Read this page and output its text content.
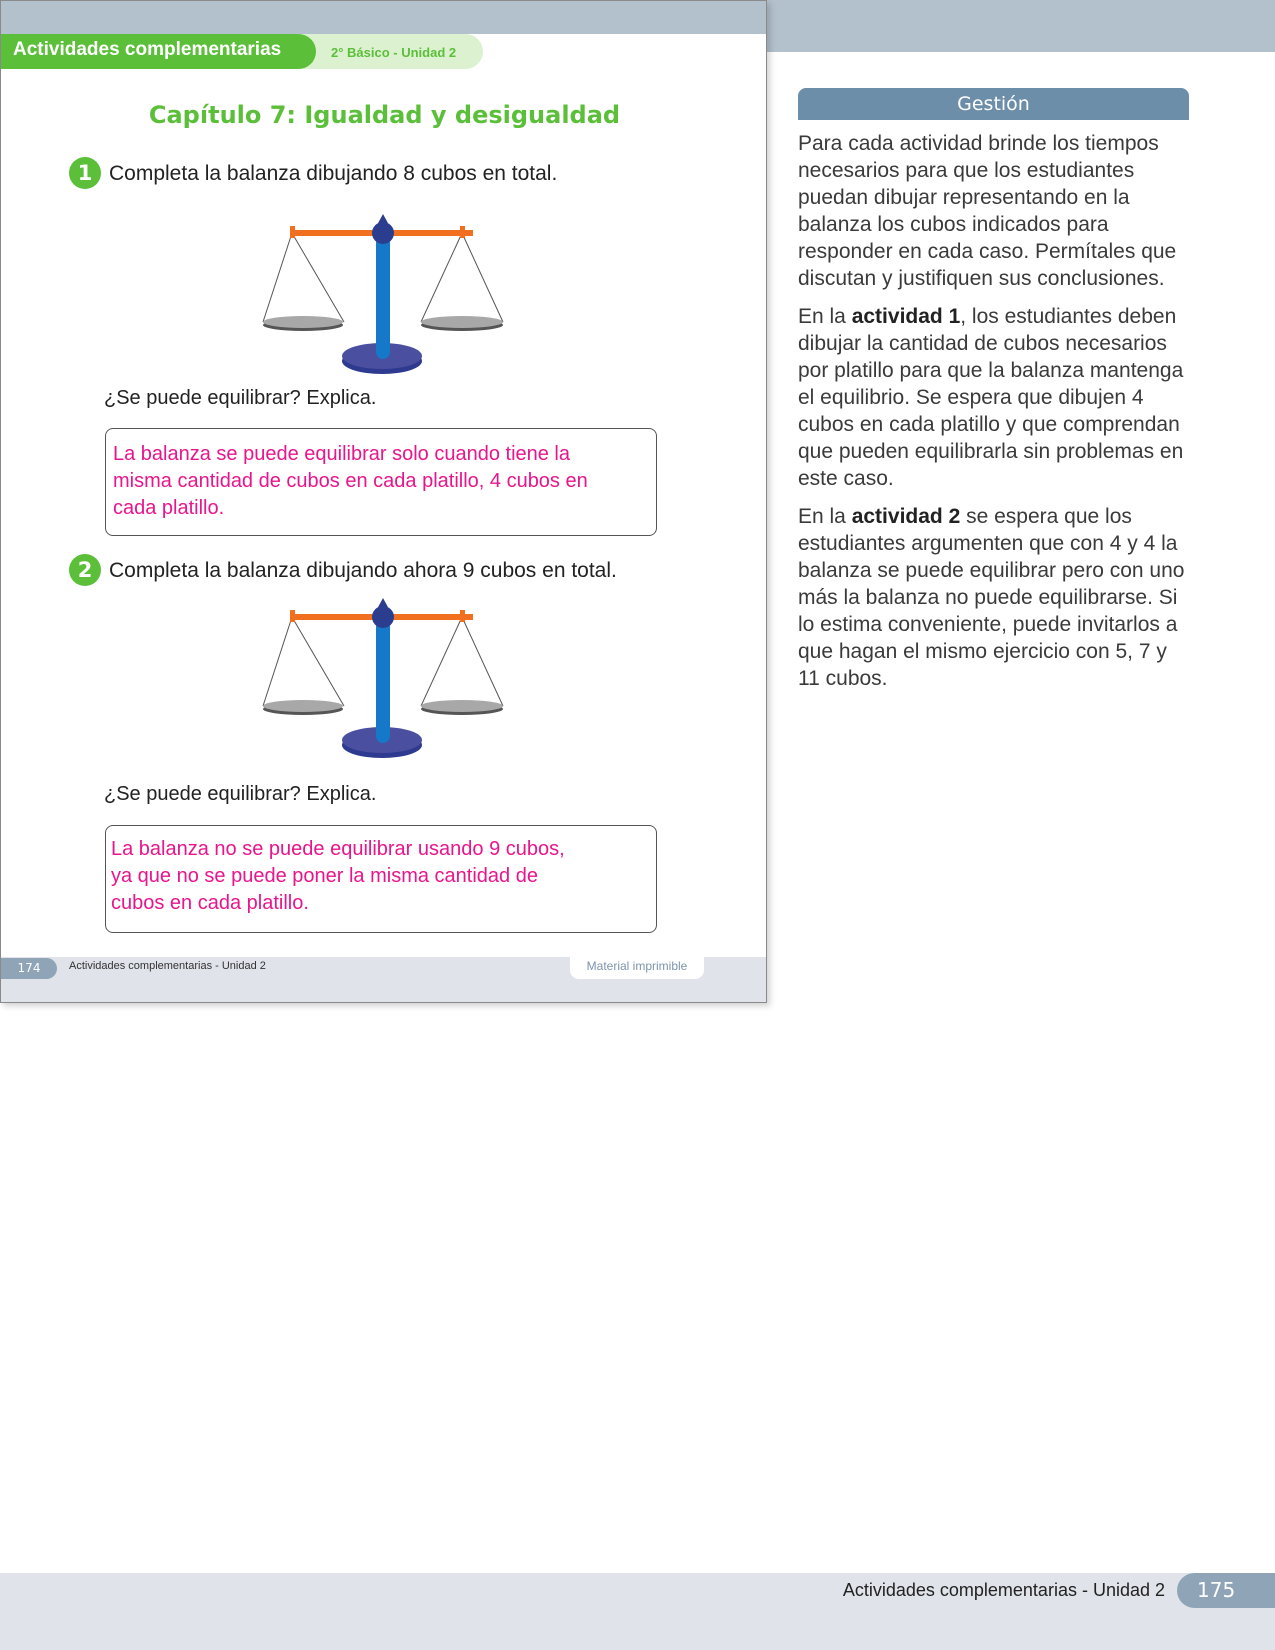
Gestión

Para cada actividad brinde los tiempos necesarios para que los estudiantes puedan dibujar representando en la balanza los cubos indicados para responder en cada caso. Permítales que discutan y justifiquen sus conclusiones.

En la actividad 1, los estudiantes deben dibujar la cantidad de cubos necesarios por platillo para que la balanza mantenga el equilibrio. Se espera que dibujen 4 cubos en cada platillo y que comprendan que pueden equilibrarla sin problemas en este caso.

En la actividad 2 se espera que los estudiantes argumenten que con 4 y 4 la balanza se puede equilibrar pero con uno más la balanza no puede equilibrarse. Si lo estima conveniente, puede invitarlos a que hagan el mismo ejercicio con 5, 7 y 11 cubos.

Actividades complementarias - Unidad 2	175
Actividades complementarias	2° Básico - Unidad 2
Capítulo 7: Igualdad y desigualdad
1 Completa la balanza dibujando 8 cubos en total.
¿Se puede equilibrar? Explica.
La balanza se puede equilibrar solo cuando tiene la misma cantidad de cubos en cada platillo, 4 cubos en cada platillo.
2 Completa la balanza dibujando ahora 9 cubos en total.
¿Se puede equilibrar? Explica.
La balanza no se puede equilibrar usando 9 cubos, ya que no se puede poner la misma cantidad de cubos en cada platillo.
174	Actividades complementarias - Unidad 2	Material imprimible
